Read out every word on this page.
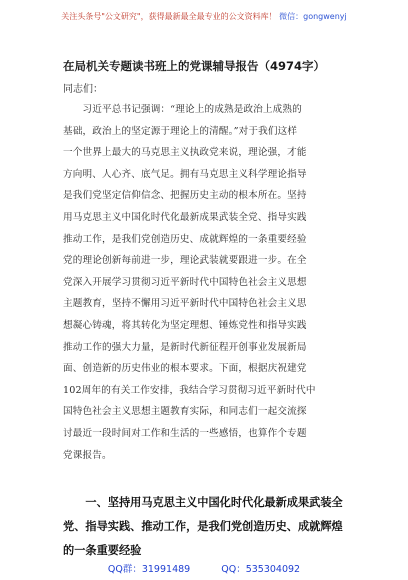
关注头条号"公文研究"，获得最新最全最专业的公文资料库！ 微信：gongwenyj
在局机关专题读书班上的党课辅导报告（4974字）
同志们：
　　习近平总书记强调：“理论上的成熟是政治上成熟的
基础，政治上的坚定源于理论上的清醒。”对于我们这样
一个世界上最大的马克思主义执政党来说，理论强，才能
方向明、人心齐、底气足。拥有马克思主义科学理论指导
是我们党坚定信仰信念、把握历史主动的根本所在。坚持
用马克思主义中国化时代化最新成果武装全党、指导实践
推动工作，是我们党创造历史、成就辉煌的一条重要经验
党的理论创新每前进一步，理论武装就要跟进一步。在全
党深入开展学习贯彻习近平新时代中国特色社会主义思想
主题教育，坚持不懈用习近平新时代中国特色社会主义思
想凝心铸魂，将其转化为坚定理想、锤炼党性和指导实践
推动工作的强大力量，是新时代新征程开创事业发展新局
面、创造新的历史伟业的根本要求。下面，根据庆祝建党
102周年的有关工作安排，我结合学习贯彻习近平新时代中
国特色社会主义思想主题教育实际，和同志们一起交流探
讨最近一段时间对工作和生活的一些感悟，也算作个专题
党课报告。
　　一、坚持用马克思主义中国化时代化最新成果武装全
党、指导实践、推动工作，是我们党创造历史、成就辉煌
的一条重要经验
QQ群：31991489	QQ：535304092
